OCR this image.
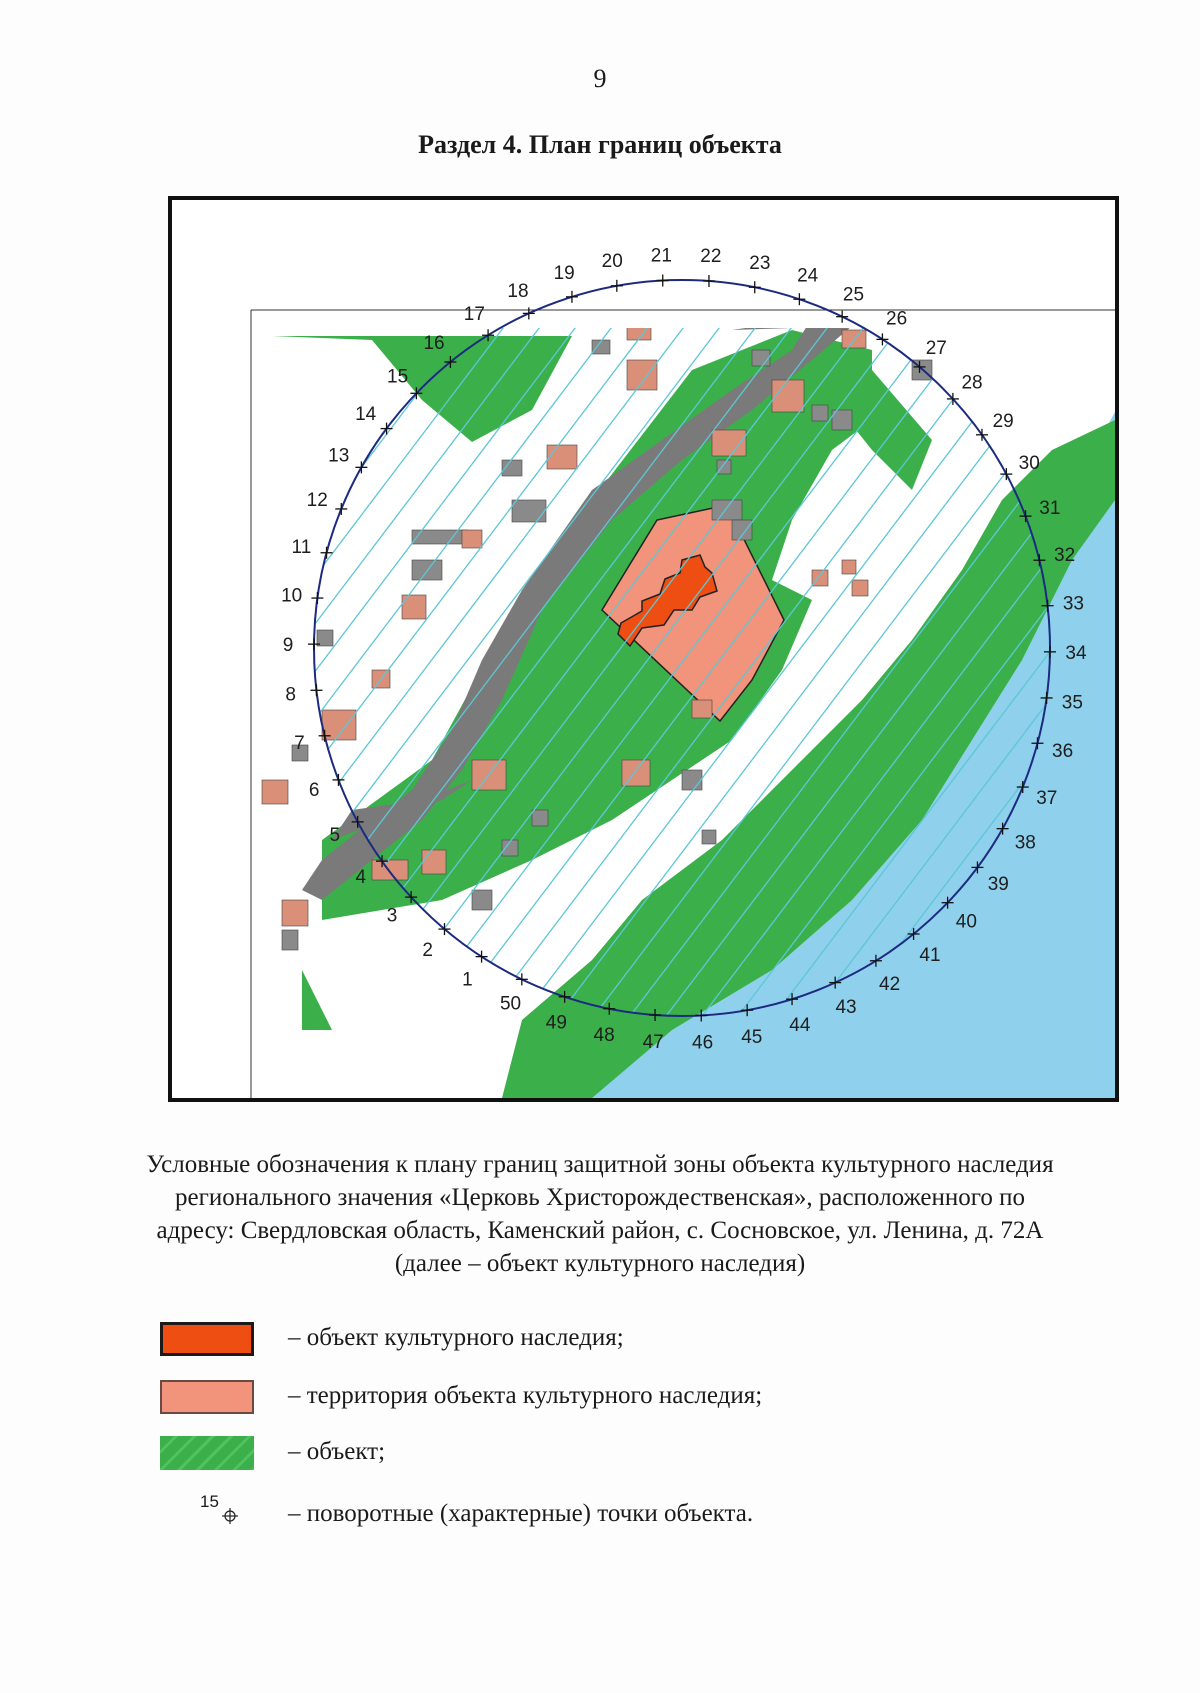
9
Раздел 4. План границ объекта
1
2
3
4
5
6
7
8
9
10
11
12
13
14
15
16
17
18
19
20 21 22 23
24
25
26
27
28
29
30
31
32
33
34
35
36
37
38
39
40
41
42
43
44
45
46
47
48
49
50
Условные обозначения к плану границ защитной зоны объекта культурного наследия регионального значения «Церковь Христорождественская», расположенного по адресу: Свердловская область, Каменский район, с. Сосновское, ул. Ленина, д. 72А (далее – объект культурного наследия)
– объект культурного наследия;
– территория объекта культурного наследия;
– объект;
15	– поворотные (характерные) точки объекта.
